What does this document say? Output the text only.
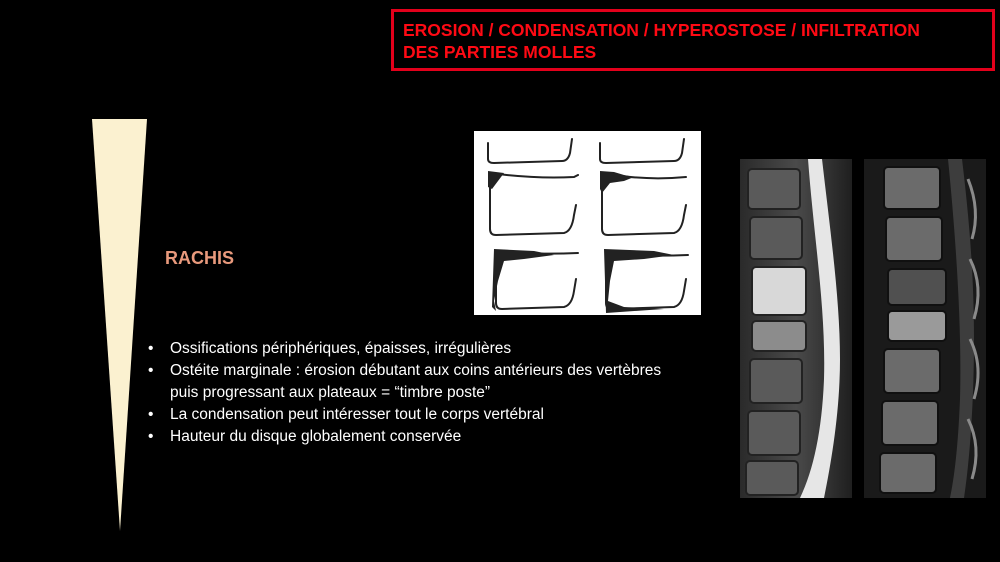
EROSION / CONDENSATION / HYPEROSTOSE / INFILTRATION
DES PARTIES MOLLES
RACHIS
• Ossifications périphériques, épaisses, irrégulières
• Ostéite marginale : érosion débutant aux coins antérieurs des vertèbres puis progressant aux plateaux = “timbre poste”
• La condensation peut intéresser tout le corps vertébral
• Hauteur du disque globalement conservée
